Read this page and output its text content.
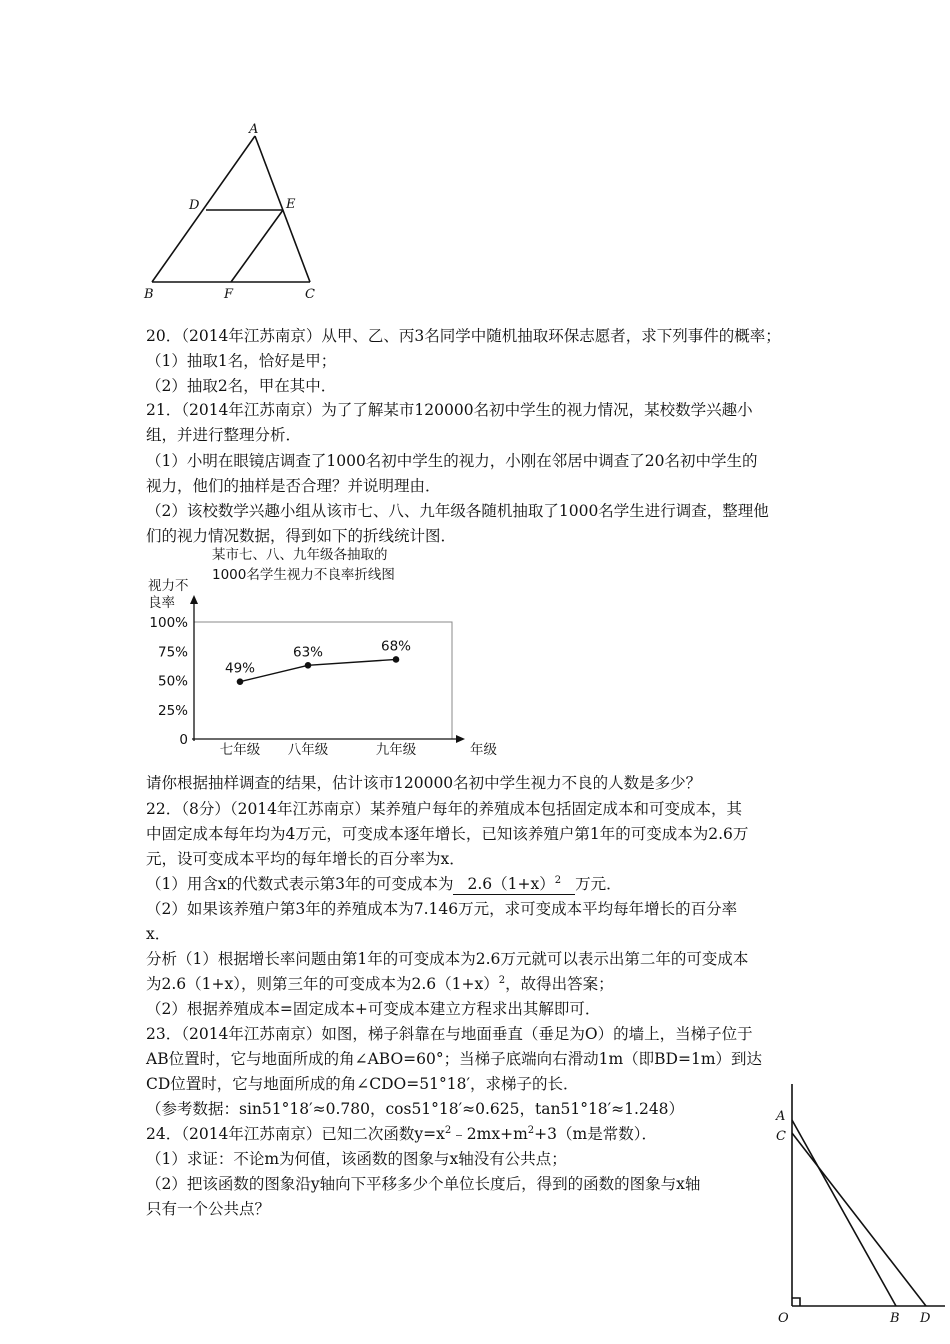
A
D	E
B	F	C
20．（2014年江苏南京）从甲、乙、丙3名同学中随机抽取环保志愿者，求下列事件的概率；
（1）抽取1名，恰好是甲；
（2）抽取2名，甲在其中．
21．（2014年江苏南京）为了了解某市120000名初中学生的视力情况，某校数学兴趣小
组，并进行整理分析．
（1）小明在眼镜店调查了1000名初中学生的视力，小刚在邻居中调查了20名初中学生的
视力，他们的抽样是否合理？并说明理由．
（2）该校数学兴趣小组从该市七、八、九年级各随机抽取了1000名学生进行调查，整理他
们的视力情况数据，得到如下的折线统计图．
某市七、八、九年级各抽取的
1000名学生视力不良率折线图
视力不
良率
年级
0
25%
50%
75%
100%
七年级 八年级	九年级
49%
63%	68%
请你根据抽样调查的结果，估计该市120000名初中学生视力不良的人数是多少？
22．（8分）（2014年江苏南京）某养殖户每年的养殖成本包括固定成本和可变成本，其
中固定成本每年均为4万元，可变成本逐年增长，已知该养殖户第1年的可变成本为2.6万
元，设可变成本平均的每年增长的百分率为x．
（1）用含x的代数式表示第3年的可变成本为 $2.6(1+x)^2$ 万元．
（2）如果该养殖户第3年的养殖成本为7.146万元，求可变成本平均每年增长的百分率
x．
分析（1）根据增长率问题由第1年的可变成本为2.6万元就可以表示出第二年的可变成本
为2.6（1+x），则第三年的可变成本为$2.6(1+x)^2$，故得出答案；
（2）根据养殖成本=固定成本+可变成本建立方程求出其解即可．
23．（2014年江苏南京）如图，梯子斜靠在与地面垂直（垂足为O）的墙上，当梯子位于
AB位置时，它与地面所成的角∠ABO=60°；当梯子底端向右滑动1m（即BD=1m）到达
CD位置时，它与地面所成的角∠CDO=51°18′，求梯子的长．
（参考数据：sin51°18′≈0.780，cos51°18′≈0.625，tan51°18′≈1.248）
24．（2014年江苏南京）已知二次函数$y=x^2﹣2mx+m^2+3(m$是常数）．
（1）求证：不论m为何值，该函数的图象与x轴没有公共点；
（2）把该函数的图象沿y轴向下平移多少个单位长度后，得到的函数的图象与x轴
只有一个公共点？
A
C
O	B D
